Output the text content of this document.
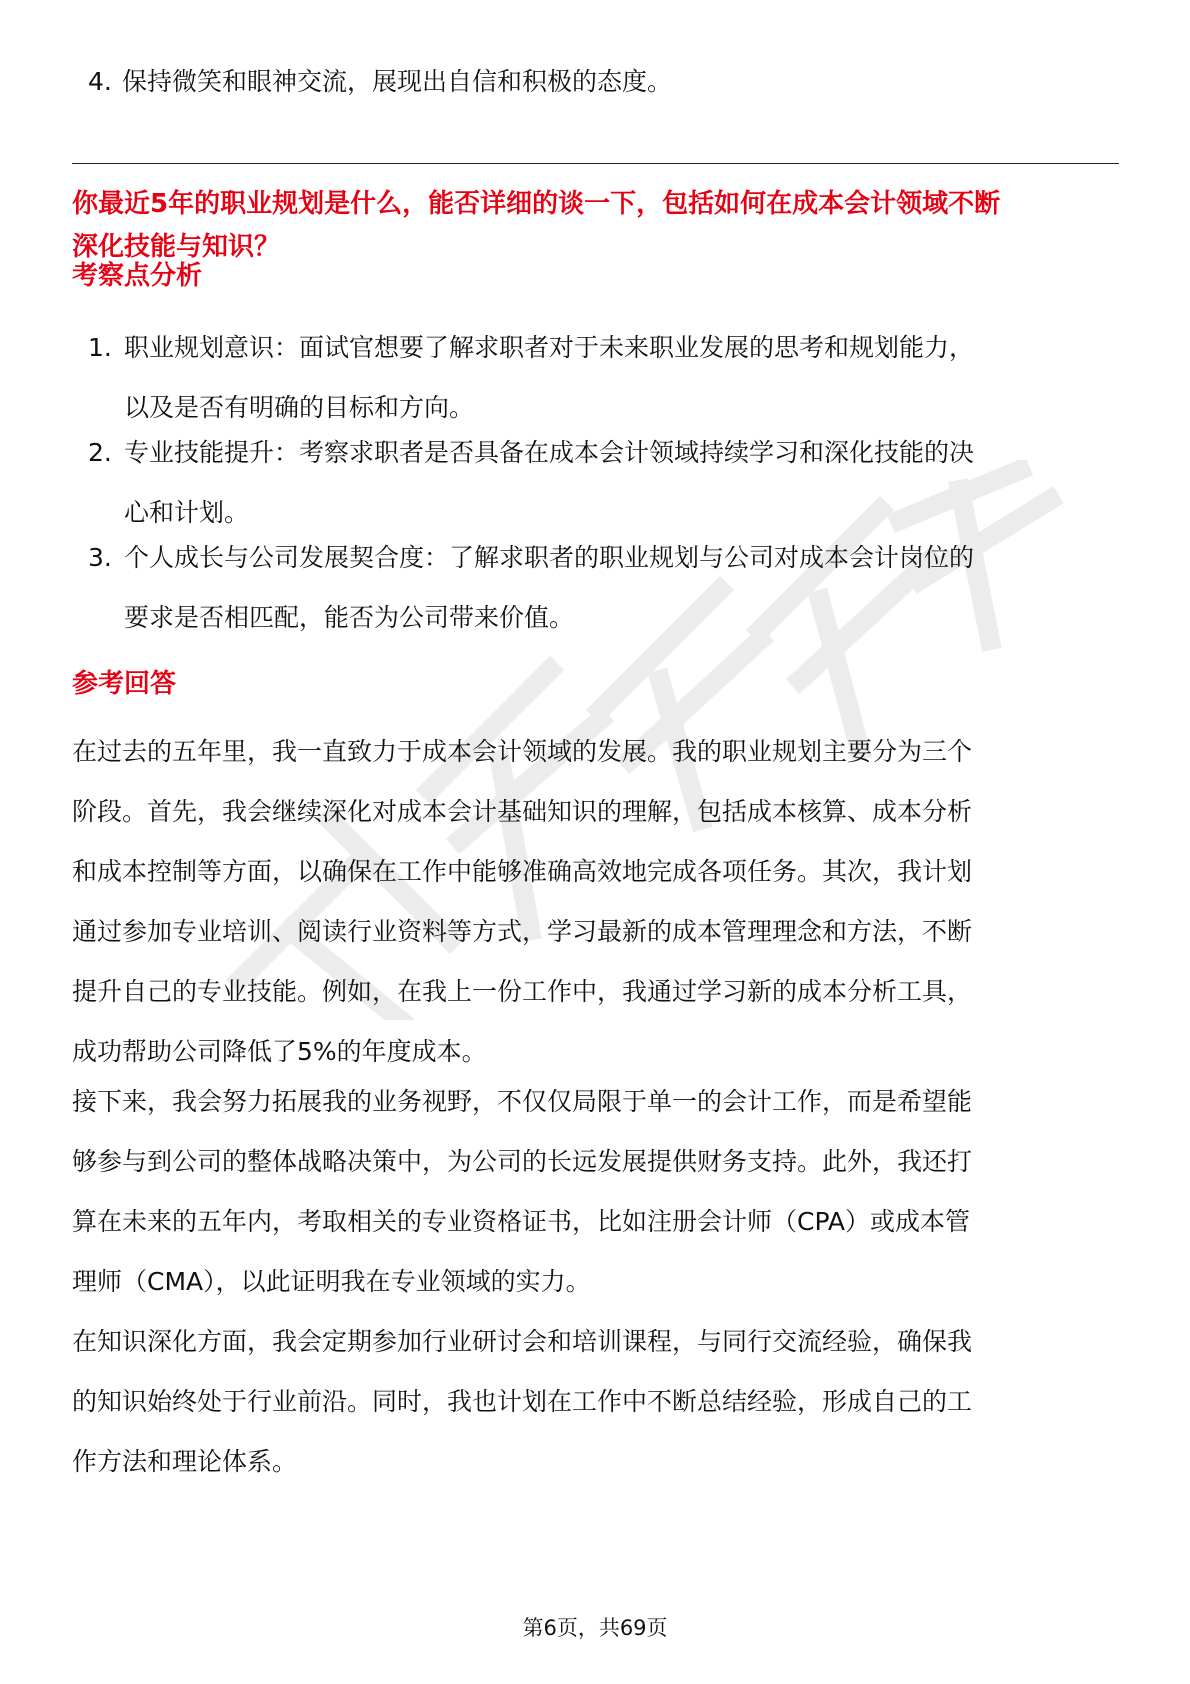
4. 保持微笑和眼神交流，展现出自信和积极的态度。
你最近5年的职业规划是什么，能否详细的谈一下，包括如何在成本会计领域不断
深化技能与知识？
考察点分析
1. 职业规划意识：面试官想要了解求职者对于未来职业发展的思考和规划能力，
以及是否有明确的目标和方向。
2. 专业技能提升：考察求职者是否具备在成本会计领域持续学习和深化技能的决
心和计划。
3. 个人成长与公司发展契合度：了解求职者的职业规划与公司对成本会计岗位的
要求是否相匹配，能否为公司带来价值。
参考回答
在过去的五年里，我一直致力于成本会计领域的发展。我的职业规划主要分为三个
阶段。首先，我会继续深化对成本会计基础知识的理解，包括成本核算、成本分析
和成本控制等方面，以确保在工作中能够准确高效地完成各项任务。其次，我计划
通过参加专业培训、阅读行业资料等方式，学习最新的成本管理理念和方法，不断
提升自己的专业技能。例如，在我上一份工作中，我通过学习新的成本分析工具，
成功帮助公司降低了5%的年度成本。
接下来，我会努力拓展我的业务视野，不仅仅局限于单一的会计工作，而是希望能
够参与到公司的整体战略决策中，为公司的长远发展提供财务支持。此外，我还打
算在未来的五年内，考取相关的专业资格证书，比如注册会计师（CPA）或成本管
理师（CMA），以此证明我在专业领域的实力。
在知识深化方面，我会定期参加行业研讨会和培训课程，与同行交流经验，确保我
的知识始终处于行业前沿。同时，我也计划在工作中不断总结经验，形成自己的工
作方法和理论体系。
第6页，共69页
